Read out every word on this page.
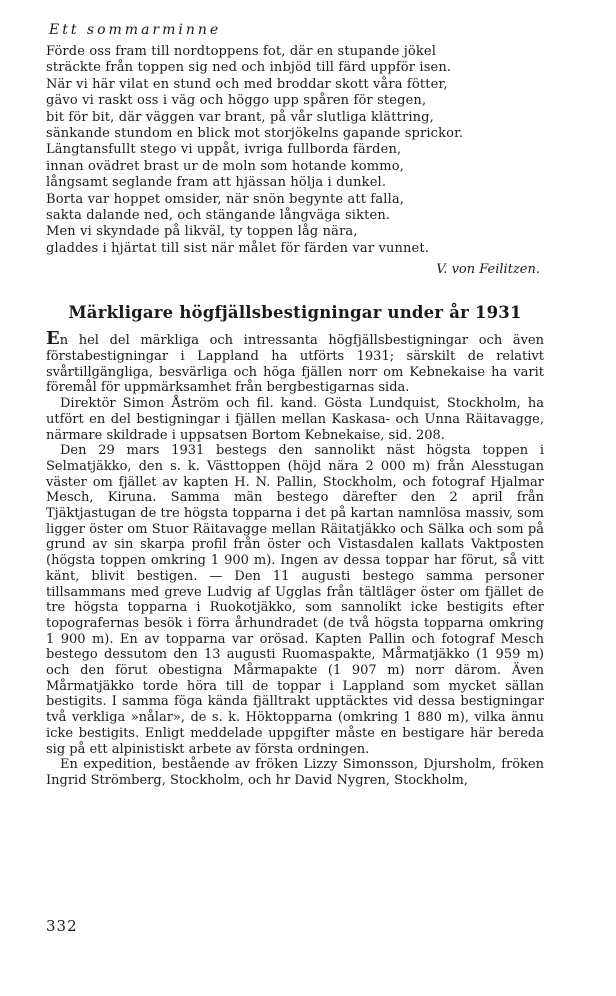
Ett sommarminne
Förde oss fram till nordtoppens fot, där en stupande jökel
sträckte från toppen sig ned och inbjöd till färd uppför isen.
När vi här vilat en stund och med broddar skott våra fötter,
gävo vi raskt oss i väg och höggo upp spåren för stegen,
bit för bit, där väggen var brant, på vår slutliga klättring,
sänkande stundom en blick mot storjökelns gapande sprickor.
Längtansfullt stego vi uppåt, ivriga fullborda färden,
innan ovädret brast ur de moln som hotande kommo,
långsamt seglande fram att hjässan hölja i dunkel.
Borta var hoppet omsider, när snön begynte att falla,
sakta dalande ned, och stängande långväga sikten.
Men vi skyndade på likväl, ty toppen låg nära,
gladdes i hjärtat till sist när målet för färden var vunnet.
V. von Feilitzen.
Märkligare högfjällsbestigningar under år 1931

En hel del märkliga och intressanta högfjällsbestigningar och även förstabestigningar i Lappland ha utförts 1931; särskilt de relativt svårtillgängliga, besvärliga och höga fjällen norr om Kebnekaise ha varit föremål för uppmärksamhet från bergbestigarnas sida.

Direktör Simon Åström och fil. kand. Gösta Lundquist, Stockholm, ha utfört en del bestigningar i fjällen mellan Kaskasa- och Unna Räitavagge, närmare skildrade i uppsatsen Bortom Kebnekaise, sid. 208.

Den 29 mars 1931 bestegs den sannolikt näst högsta toppen i Selmatjäkko, den s. k. Västtoppen (höjd nära 2 000 m) från Alesstugan väster om fjället av kapten H. N. Pallin, Stockholm, och fotograf Hjalmar Mesch, Kiruna. Samma män bestego därefter den 2 april från Tjäktjastugan de tre högsta topparna i det på kartan namnlösa massiv, som ligger öster om Stuor Räitavagge mellan Räitatjäkko och Sälka och som på grund av sin skarpa profil från öster och Vistasdalen kallats Vaktposten (högsta toppen omkring 1 900 m). Ingen av dessa toppar har förut, så vitt känt, blivit bestigen. — Den 11 augusti bestego samma personer tillsammans med greve Ludvig af Ugglas från tältläger öster om fjället de tre högsta topparna i Ruokotjäkko, som sannolikt icke bestigits efter topografernas besök i förra århundradet (de två högsta topparna omkring 1 900 m). En av topparna var orösad. Kapten Pallin och fotograf Mesch bestego dessutom den 13 augusti Ruomaspakte, Mårmatjäkko (1 959 m) och den förut obestigna Mårmapakte (1 907 m) norr därom. Även Mårmatjäkko torde höra till de toppar i Lappland som mycket sällan bestigits. I samma föga kända fjälltrakt upptäcktes vid dessa bestigningar två verkliga »nålar», de s. k. Höktopparna (omkring 1 880 m), vilka ännu icke bestigits. Enligt meddelade uppgifter måste en bestigare här bereda sig på ett alpinistiskt arbete av första ordningen.

En expedition, bestående av fröken Lizzy Simonsson, Djursholm, fröken Ingrid Strömberg, Stockholm, och hr David Nygren, Stockholm,

332
